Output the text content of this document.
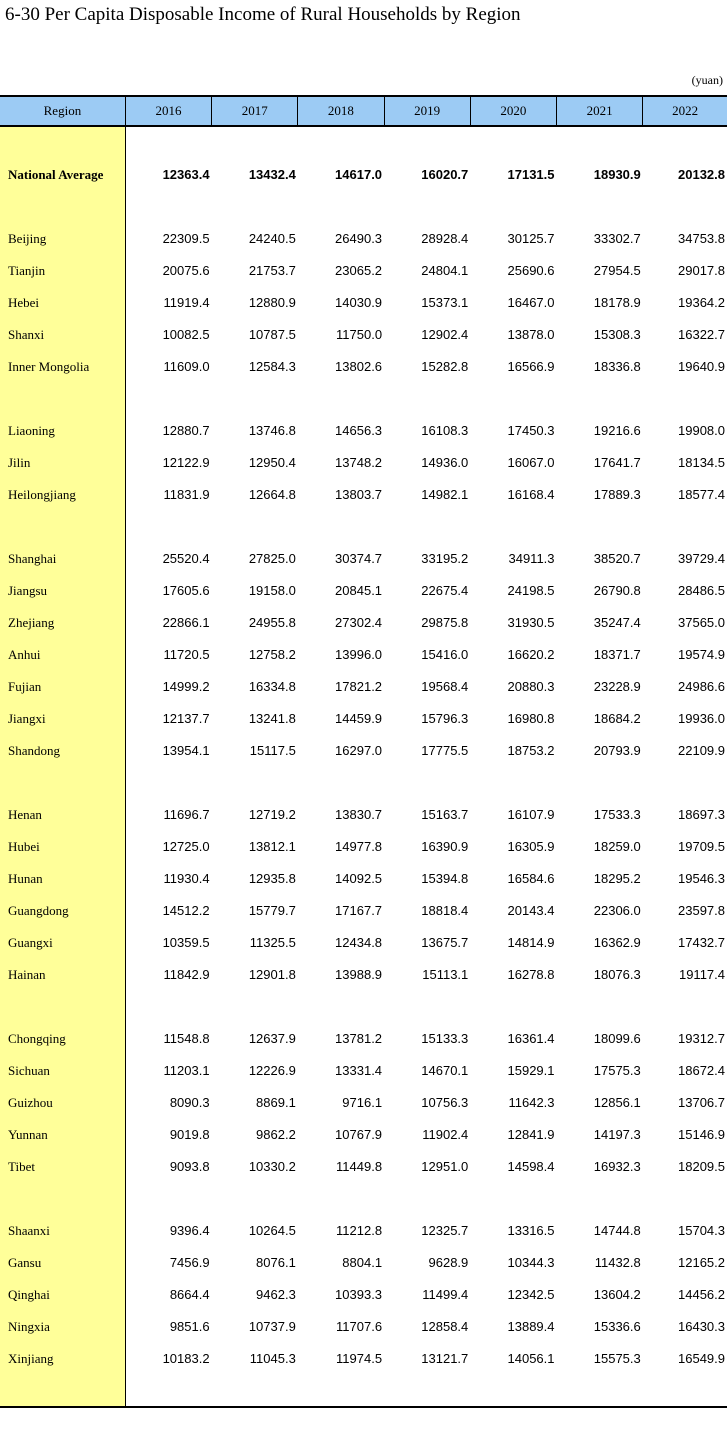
6-30 Per Capita Disposable Income of Rural Households by Region
(yuan)
Region	2016	2017	2018	2019	2020	2021	2022

National Average	12363.4	13432.4	14617.0	16020.7	17131.5	18930.9	20132.8

Beijing	22309.5	24240.5	26490.3	28928.4	30125.7	33302.7	34753.8
Tianjin	20075.6	21753.7	23065.2	24804.1	25690.6	27954.5	29017.8
Hebei	11919.4	12880.9	14030.9	15373.1	16467.0	18178.9	19364.2
Shanxi	10082.5	10787.5	11750.0	12902.4	13878.0	15308.3	16322.7
Inner Mongolia	11609.0	12584.3	13802.6	15282.8	16566.9	18336.8	19640.9

Liaoning	12880.7	13746.8	14656.3	16108.3	17450.3	19216.6	19908.0
Jilin	12122.9	12950.4	13748.2	14936.0	16067.0	17641.7	18134.5
Heilongjiang	11831.9	12664.8	13803.7	14982.1	16168.4	17889.3	18577.4

Shanghai	25520.4	27825.0	30374.7	33195.2	34911.3	38520.7	39729.4
Jiangsu	17605.6	19158.0	20845.1	22675.4	24198.5	26790.8	28486.5
Zhejiang	22866.1	24955.8	27302.4	29875.8	31930.5	35247.4	37565.0
Anhui	11720.5	12758.2	13996.0	15416.0	16620.2	18371.7	19574.9
Fujian	14999.2	16334.8	17821.2	19568.4	20880.3	23228.9	24986.6
Jiangxi	12137.7	13241.8	14459.9	15796.3	16980.8	18684.2	19936.0
Shandong	13954.1	15117.5	16297.0	17775.5	18753.2	20793.9	22109.9

Henan	11696.7	12719.2	13830.7	15163.7	16107.9	17533.3	18697.3
Hubei	12725.0	13812.1	14977.8	16390.9	16305.9	18259.0	19709.5
Hunan	11930.4	12935.8	14092.5	15394.8	16584.6	18295.2	19546.3
Guangdong	14512.2	15779.7	17167.7	18818.4	20143.4	22306.0	23597.8
Guangxi	10359.5	11325.5	12434.8	13675.7	14814.9	16362.9	17432.7
Hainan	11842.9	12901.8	13988.9	15113.1	16278.8	18076.3	19117.4

Chongqing	11548.8	12637.9	13781.2	15133.3	16361.4	18099.6	19312.7
Sichuan	11203.1	12226.9	13331.4	14670.1	15929.1	17575.3	18672.4
Guizhou	8090.3	8869.1	9716.1	10756.3	11642.3	12856.1	13706.7
Yunnan	9019.8	9862.2	10767.9	11902.4	12841.9	14197.3	15146.9
Tibet	9093.8	10330.2	11449.8	12951.0	14598.4	16932.3	18209.5

Shaanxi	9396.4	10264.5	11212.8	12325.7	13316.5	14744.8	15704.3
Gansu	7456.9	8076.1	8804.1	9628.9	10344.3	11432.8	12165.2
Qinghai	8664.4	9462.3	10393.3	11499.4	12342.5	13604.2	14456.2
Ningxia	9851.6	10737.9	11707.6	12858.4	13889.4	15336.6	16430.3
Xinjiang	10183.2	11045.3	11974.5	13121.7	14056.1	15575.3	16549.9
